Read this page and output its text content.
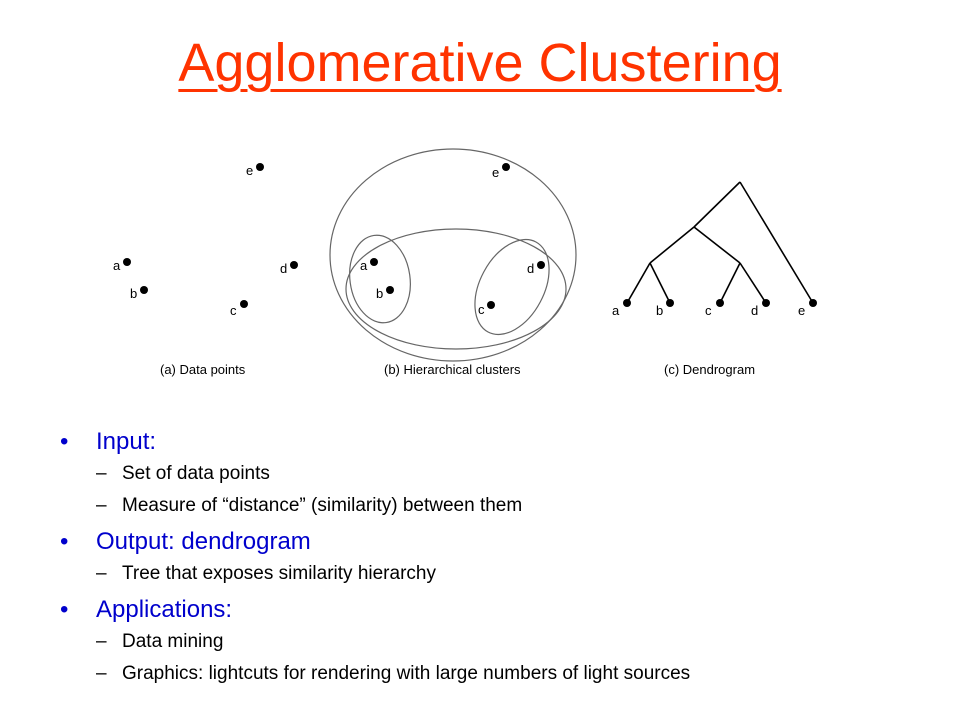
Agglomerative Clustering
e
a
b
d
c
(a) Data points
e
a
b
d
c
(b) Hierarchical clusters
a	b	c	d	e
(c) Dendrogram
• Input:
– Set of data points
– Measure of “distance” (similarity) between them
• Output: dendrogram
– Tree that exposes similarity hierarchy
• Applications:
– Data mining
– Graphics: lightcuts for rendering with large numbers of light sources
